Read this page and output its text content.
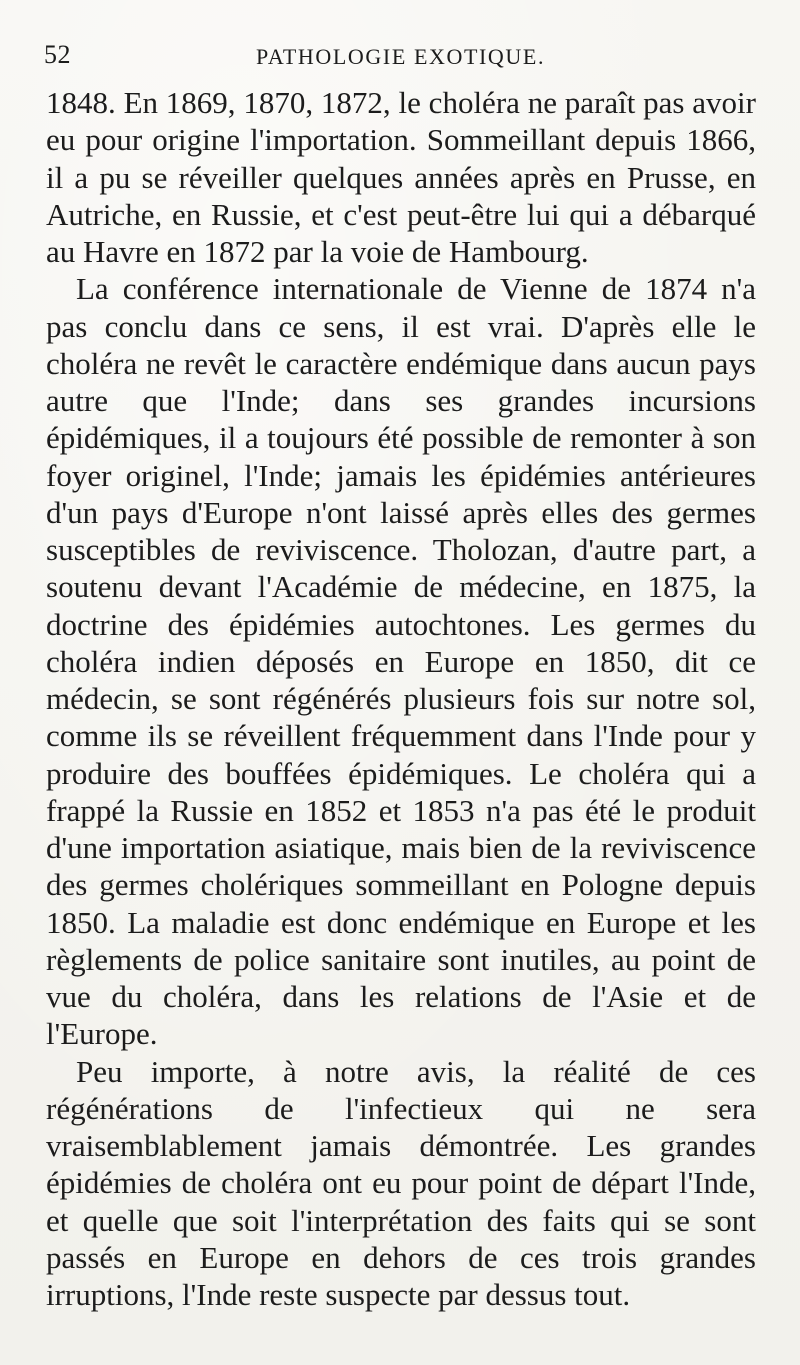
52	PATHOLOGIE EXOTIQUE.

1848. En 1869, 1870, 1872, le choléra ne paraît pas avoir eu pour origine l'importation. Sommeillant depuis 1866, il a pu se réveiller quelques années après en Prusse, en Autriche, en Russie, et c'est peut-être lui qui a débarqué au Havre en 1872 par la voie de Hambourg.

La conférence internationale de Vienne de 1874 n'a pas conclu dans ce sens, il est vrai. D'après elle le choléra ne revêt le caractère endémique dans aucun pays autre que l'Inde; dans ses grandes incursions épidémiques, il a toujours été possible de remonter à son foyer originel, l'Inde; jamais les épidémies antérieures d'un pays d'Europe n'ont laissé après elles des germes susceptibles de reviviscence. Tholozan, d'autre part, a soutenu devant l'Académie de médecine, en 1875, la doctrine des épidémies autochtones. Les germes du choléra indien déposés en Europe en 1850, dit ce médecin, se sont régénérés plusieurs fois sur notre sol, comme ils se réveillent fréquemment dans l'Inde pour y produire des bouffées épidémiques. Le choléra qui a frappé la Russie en 1852 et 1853 n'a pas été le produit d'une importation asiatique, mais bien de la reviviscence des germes cholériques sommeillant en Pologne depuis 1850. La maladie est donc endémique en Europe et les règlements de police sanitaire sont inutiles, au point de vue du choléra, dans les relations de l'Asie et de l'Europe.

Peu importe, à notre avis, la réalité de ces régénérations de l'infectieux qui ne sera vraisemblablement jamais démontrée. Les grandes épidémies de choléra ont eu pour point de départ l'Inde, et quelle que soit l'interprétation des faits qui se sont passés en Europe en dehors de ces trois grandes irruptions, l'Inde reste suspecte par dessus tout.
